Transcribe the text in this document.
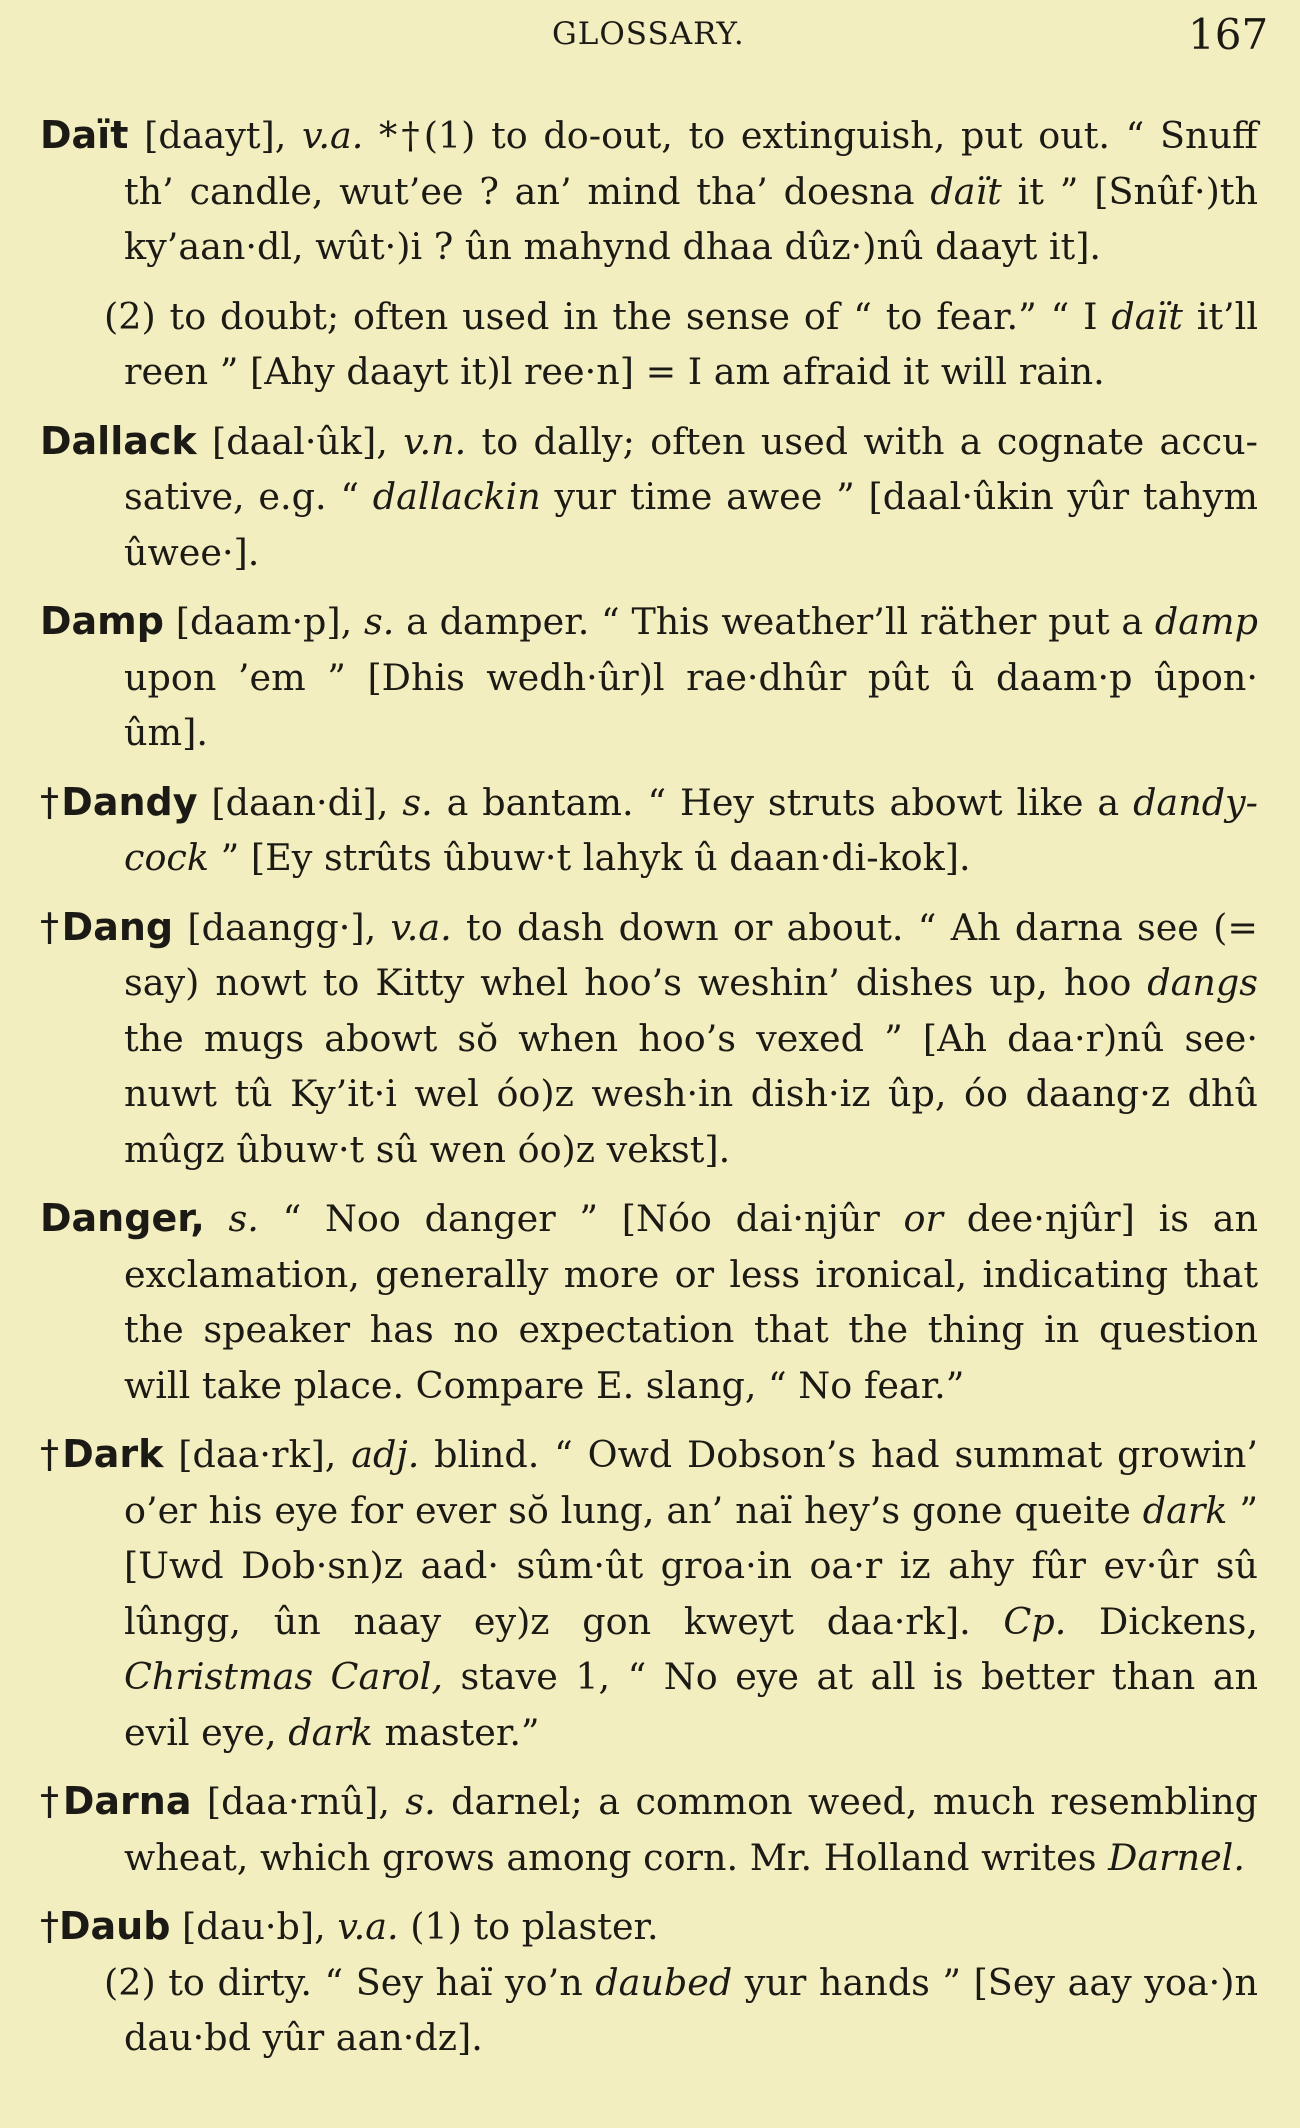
GLOSSARY.	167

Daït [daayt], v.a. *†(1) to do-out, to extinguish, put out. “ Snuff th’ candle, wut’ee ? an’ mind tha’ doesna daït it ” [Snûf·)th ky’aan·dl, wût·)i ? ûn mahynd dhaa dûz·)nû daayt it].

(2) to doubt; often used in the sense of “ to fear.” “ I daït it’ll reen ” [Ahy daayt it)l ree·n] = I am afraid it will rain.

Dallack [daal·ûk], v.n. to dally; often used with a cognate accusative, e.g. “ dallackin yur time awee ” [daal·ûkin yûr tahym ûwee·].

Damp [daam·p], s. a damper. “ This weather’ll räther put a damp upon ’em ” [Dhis wedh·ûr)l rae·dhûr pût û daam·p ûpon· ûm].

†Dandy [daan·di], s. a bantam. “ Hey struts abowt like a dandy-cock ” [Ey strûts ûbuw·t lahyk û daan·di-kok].

†Dang [daangg·], v.a. to dash down or about. “ Ah darna see (= say) nowt to Kitty whel hoo’s weshin’ dishes up, hoo dangs the mugs abowt sŏ when hoo’s vexed ” [Ah daa·r)nû see· nuwt tû Ky’it·i wel óo)z wesh·in dish·iz ûp, óo daang·z dhû mûgz ûbuw·t sû wen óo)z vekst].

Danger, s. “ Noo danger ” [Nóo dai·njûr or dee·njûr] is an exclamation, generally more or less ironical, indicating that the speaker has no expectation that the thing in question will take place. Compare E. slang, “ No fear.”

†Dark [daa·rk], adj. blind. “ Owd Dobson’s had summat growin’ o’er his eye for ever sŏ lung, an’ naï hey’s gone queite dark ” [Uwd Dob·sn)z aad· sûm·ût groa·in oa·r iz ahy fûr ev·ûr sû lûngg, ûn naay ey)z gon kweyt daa·rk]. Cp. Dickens, Christmas Carol, stave 1, “ No eye at all is better than an evil eye, dark master.”

†Darna [daa·rnû], s. darnel; a common weed, much resembling wheat, which grows among corn. Mr. Holland writes Darnel.

†Daub [dau·b], v.a. (1) to plaster.

(2) to dirty. “ Sey haï yo’n daubed yur hands ” [Sey aay yoa·)n dau·bd yûr aan·dz].
